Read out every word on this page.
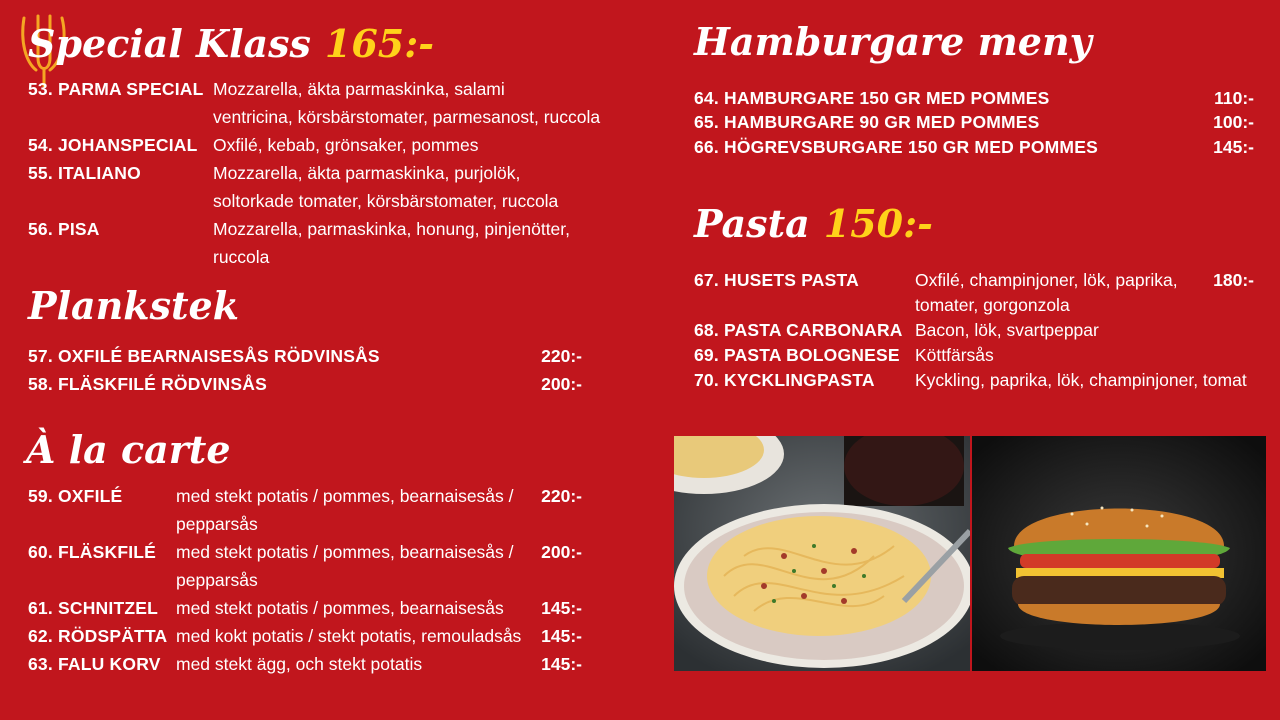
Special Klass 165:-
53. PARMA SPECIAL Mozzarella, äkta parmaskinka, salami
ventricina, körsbärstomater, parmesanost, ruccola
54. JOHANSPECIAL Oxfilé, kebab, grönsaker, pommes
55. ITALIANO	Mozzarella, äkta parmaskinka, purjolök,
soltorkade tomater, körsbärstomater, ruccola
56. PISA	Mozzarella, parmaskinka, honung, pinjenötter,
ruccola
Plankstek
57. OXFILÉ BEARNAISESÅS RÖDVINSÅS	220:-
58. FLÄSKFILÉ RÖDVINSÅS	200:-
À la carte
59. OXFILÉ	med stekt potatis / pommes, bearnaisesås /
pepparsås
220:-
60. FLÄSKFILÉ med stekt potatis / pommes, bearnaisesås /
pepparsås
200:-
61. SCHNITZEL med stekt potatis / pommes, bearnaisesås	145:-
62. RÖDSPÄTTA med kokt potatis / stekt potatis, remouladsås	145:-
63. FALU KORV med stekt ägg, och stekt potatis	145:-
Hamburgare meny
64. HAMBURGARE 150 GR MED POMMES	110:-
65. HAMBURGARE 90 GR MED POMMES	100:-
66. HÖGREVSBURGARE 150 GR MED POMMES	145:-
Pasta 150:-
67. HUSETS PASTA	Oxfilé, champinjoner, lök, paprika,
tomater, gorgonzola
180:-
68. PASTA CARBONARA Bacon, lök, svartpeppar
69. PASTA BOLOGNESE Köttfärsås
70. KYCKLINGPASTA Kyckling, paprika, lök, champinjoner, tomat
